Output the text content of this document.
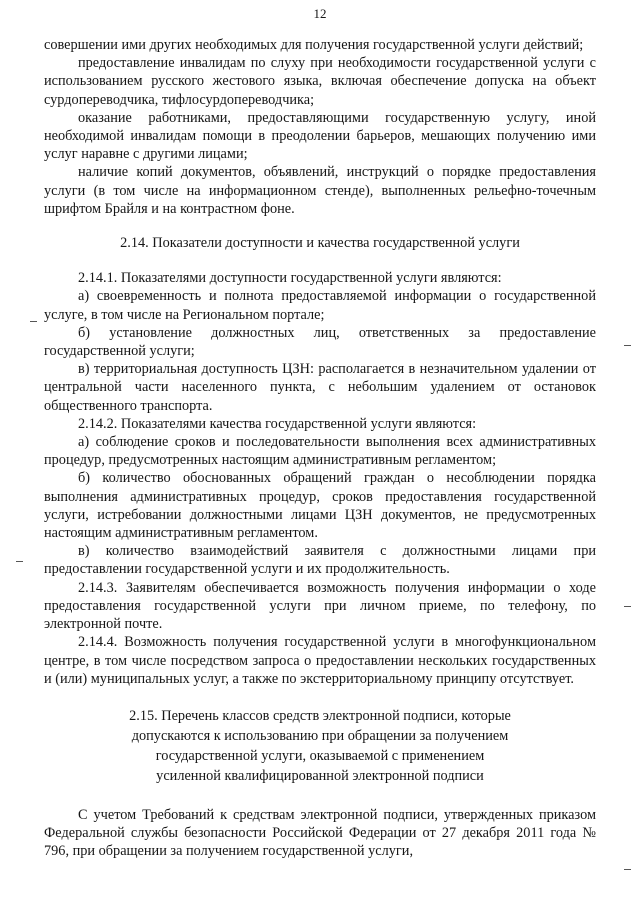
12

совершении ими других необходимых для получения государственной услуги действий;

предоставление инвалидам по слуху при необходимости государственной услуги с использованием русского жестового языка, включая обеспечение допуска на объект сурдопереводчика, тифлосурдопереводчика;

оказание работниками, предоставляющими государственную услугу, иной необходимой инвалидам помощи в преодолении барьеров, мешающих получению ими услуг наравне с другими лицами;

наличие копий документов, объявлений, инструкций о порядке предоставления услуги (в том числе на информационном стенде), выполненных рельефно-точечным шрифтом Брайля и на контрастном фоне.

2.14. Показатели доступности и качества государственной услуги

2.14.1. Показателями доступности государственной услуги являются:

а) своевременность и полнота предоставляемой информации о государственной услуге, в том числе на Региональном портале;

б) установление должностных лиц, ответственных за предоставление государственной услуги;

в) территориальная доступность ЦЗН: располагается в незначительном удалении от центральной части населенного пункта, с небольшим удалением от остановок общественного транспорта.

2.14.2. Показателями качества государственной услуги являются:

а) соблюдение сроков и последовательности выполнения всех административных процедур, предусмотренных настоящим административным регламентом;

б) количество обоснованных обращений граждан о несоблюдении порядка выполнения административных процедур, сроков предоставления государственной услуги, истребовании должностными лицами ЦЗН документов, не предусмотренных настоящим административным регламентом.

в) количество взаимодействий заявителя с должностными лицами при предоставлении государственной услуги и их продолжительность.

2.14.3. Заявителям обеспечивается возможность получения информации о ходе предоставления государственной услуги при личном приеме, по телефону, по электронной почте.

2.14.4. Возможность получения государственной услуги в многофункциональном центре, в том числе посредством запроса о предоставлении нескольких государственных и (или) муниципальных услуг, а также по экстерриториальному принципу отсутствует.

2.15. Перечень классов средств электронной подписи, которые
допускаются к использованию при обращении за получением
государственной услуги, оказываемой с применением
усиленной квалифицированной электронной подписи

С учетом Требований к средствам электронной подписи, утвержденных приказом Федеральной службы безопасности Российской Федерации от 27 декабря 2011 года № 796, при обращении за получением государственной услуги,
